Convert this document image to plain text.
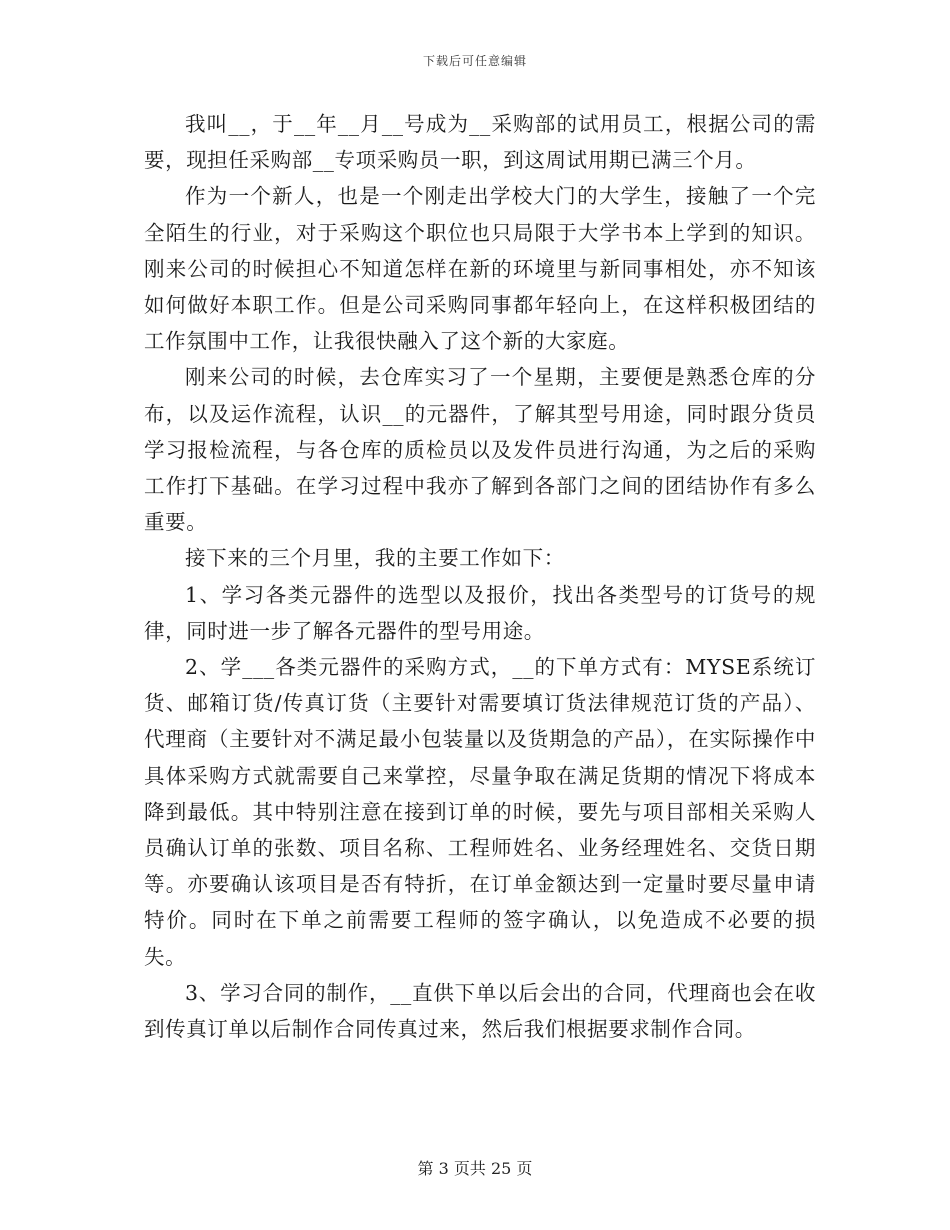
下载后可任意编辑

我叫__，于__年__月__号成为__采购部的试用员工，根据公司的需要，现担任采购部__专项采购员一职，到这周试用期已满三个月。

作为一个新人，也是一个刚走出学校大门的大学生，接触了一个完全陌生的行业，对于采购这个职位也只局限于大学书本上学到的知识。刚来公司的时候担心不知道怎样在新的环境里与新同事相处，亦不知该如何做好本职工作。但是公司采购同事都年轻向上，在这样积极团结的工作氛围中工作，让我很快融入了这个新的大家庭。

刚来公司的时候，去仓库实习了一个星期，主要便是熟悉仓库的分布，以及运作流程，认识__的元器件，了解其型号用途，同时跟分货员学习报检流程，与各仓库的质检员以及发件员进行沟通，为之后的采购工作打下基础。在学习过程中我亦了解到各部门之间的团结协作有多么重要。

接下来的三个月里，我的主要工作如下：

1、学习各类元器件的选型以及报价，找出各类型号的订货号的规律，同时进一步了解各元器件的型号用途。

2、学___各类元器件的采购方式，__的下单方式有：MYSE系统订货、邮箱订货/传真订货（主要针对需要填订货法律规范订货的产品）、代理商（主要针对不满足最小包装量以及货期急的产品），在实际操作中具体采购方式就需要自己来掌控，尽量争取在满足货期的情况下将成本降到最低。其中特别注意在接到订单的时候，要先与项目部相关采购人员确认订单的张数、项目名称、工程师姓名、业务经理姓名、交货日期等。亦要确认该项目是否有特折，在订单金额达到一定量时要尽量申请特价。同时在下单之前需要工程师的签字确认，以免造成不必要的损失。

3、学习合同的制作，__直供下单以后会出的合同，代理商也会在收到传真订单以后制作合同传真过来，然后我们根据要求制作合同。

第 3 页共 25 页
